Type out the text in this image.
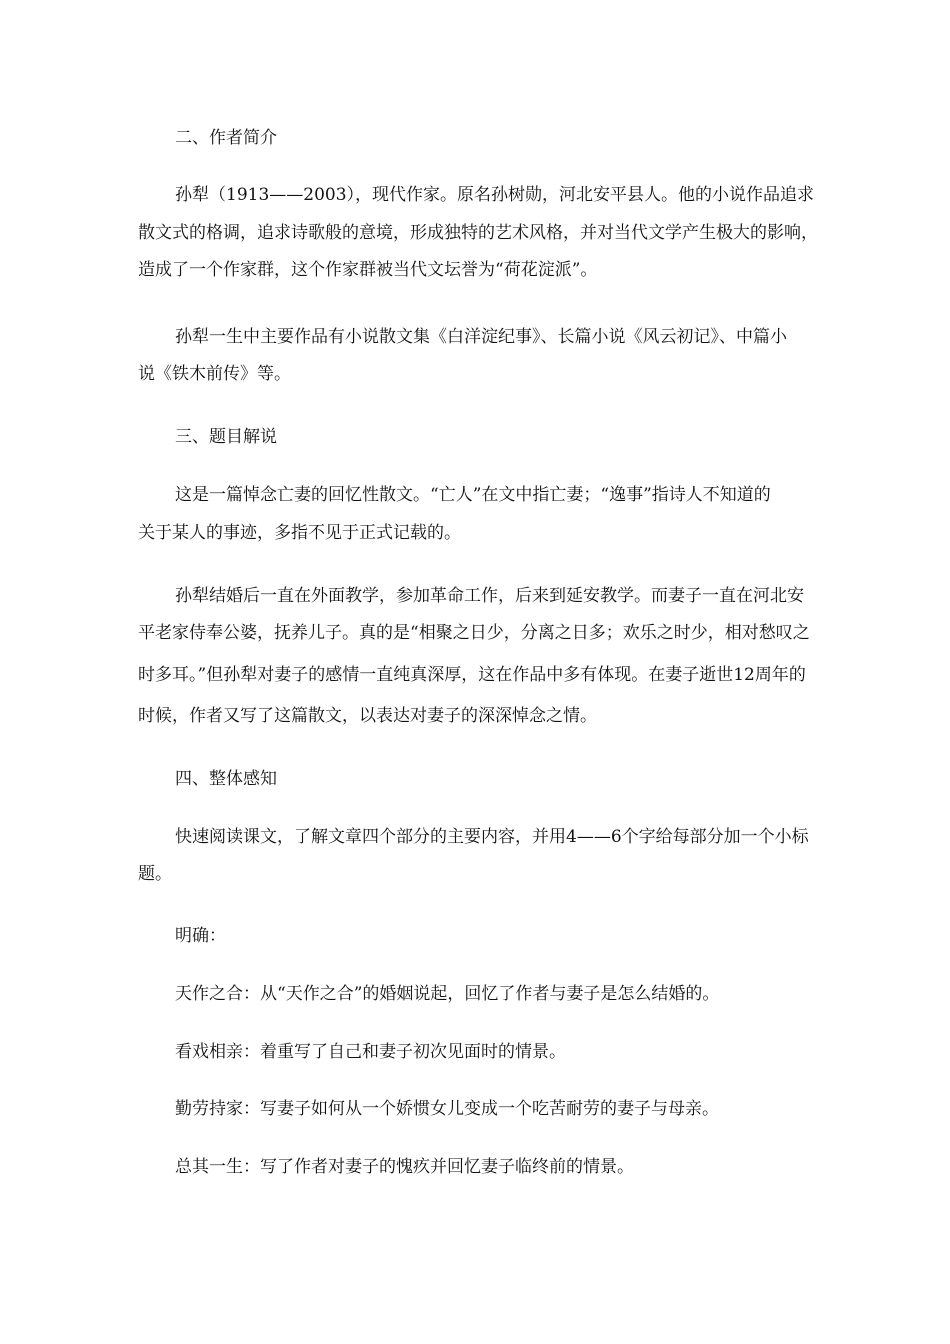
二、作者简介
孙犁（1913——2003），现代作家。原名孙树勋，河北安平县人。他的小说作品追求
散文式的格调，追求诗歌般的意境，形成独特的艺术风格，并对当代文学产生极大的影响，
造成了一个作家群，这个作家群被当代文坛誉为“荷花淀派”。
孙犁一生中主要作品有小说散文集《白洋淀纪事》、长篇小说《风云初记》、中篇小
说《铁木前传》等。
三、题目解说
这是一篇悼念亡妻的回忆性散文。“亡人”在文中指亡妻；“逸事”指诗人不知道的
关于某人的事迹，多指不见于正式记载的。
孙犁结婚后一直在外面教学，参加革命工作，后来到延安教学。而妻子一直在河北安
平老家侍奉公婆，抚养儿子。真的是“相聚之日少，分离之日多；欢乐之时少，相对愁叹之
时多耳。”但孙犁对妻子的感情一直纯真深厚，这在作品中多有体现。在妻子逝世12周年的
时候，作者又写了这篇散文，以表达对妻子的深深悼念之情。
四、整体感知
快速阅读课文，了解文章四个部分的主要内容，并用4——6个字给每部分加一个小标
题。
明确：
天作之合：从“天作之合”的婚姻说起，回忆了作者与妻子是怎么结婚的。
看戏相亲：着重写了自己和妻子初次见面时的情景。
勤劳持家：写妻子如何从一个娇惯女儿变成一个吃苦耐劳的妻子与母亲。
总其一生：写了作者对妻子的愧疚并回忆妻子临终前的情景。
